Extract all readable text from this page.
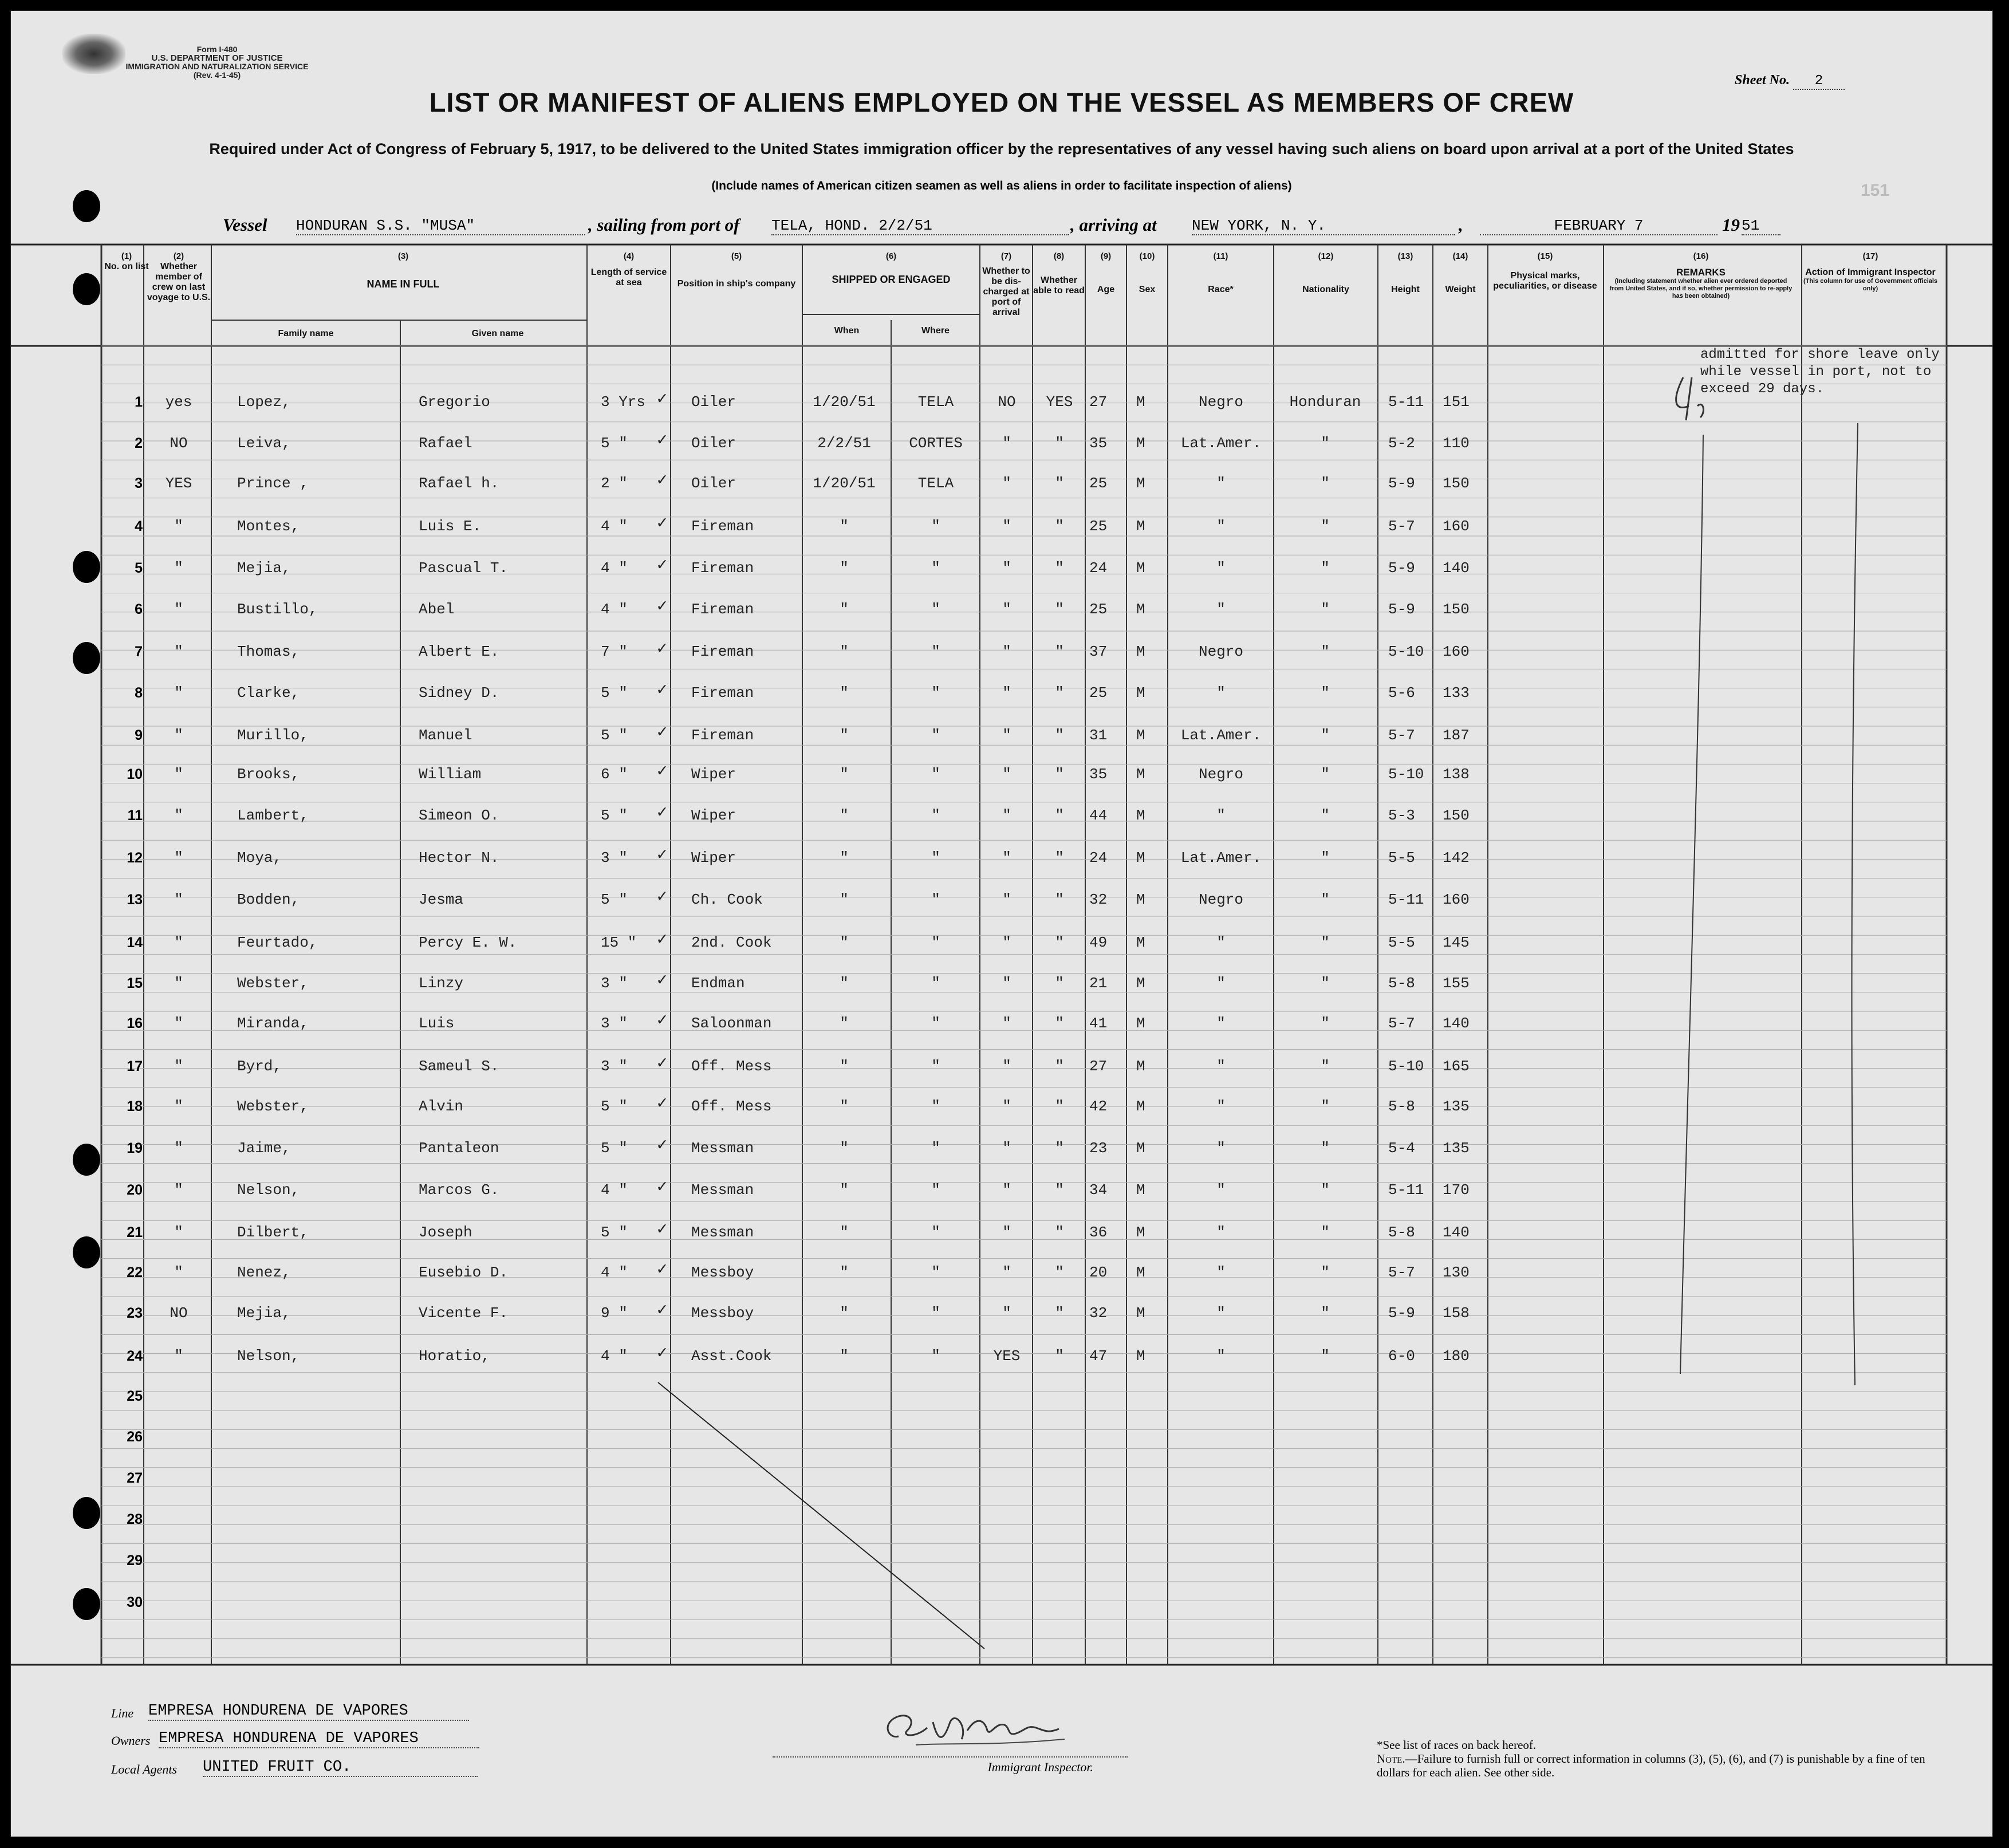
Form I-480
U.S. DEPARTMENT OF JUSTICE
IMMIGRATION AND NATURALIZATION SERVICE
(Rev. 4-1-45)	Sheet No. 2
LIST OR MANIFEST OF ALIENS EMPLOYED ON THE VESSEL AS MEMBERS OF CREW
Required under Act of Congress of February 5, 1917, to be delivered to the United States immigration officer by the representatives of any vessel having such aliens on board upon arrival at a port of the United States
(Include names of American citizen seamen as well as aliens in order to facilitate inspection of aliens)	151
Vessel HONDURAN S.S. "MUSA"	, sailing from port of TELA, HOND. 2/2/51	, arriving at NEW YORK, N. Y.	,	FEBRUARY 7	19 51
(1)
No. on list
(2)
Whether member of crew on last voyage to U.S.
(3)
NAME IN FULL
Family name	Given name
(4)
Length of service at sea
(5)
Position in ship's company
(6)
SHIPPED OR ENGAGED
When	Where
(7)
Whether to be dis- charged at port of arrival
(8)
Whether able to read
(9)
Age
(10)
Sex
(11)
Race*
(12)
Nationality
(13)
Height
(14)
Weight
(15)
Physical marks, peculiarities, or disease
(16)
REMARKS
(Including statement whether alien ever ordered deported from United States, and if so, whether permission to re-apply has been obtained)
(17)
Action of Immigrant Inspector
(This column for use of Government officials only)
1	yes	Lopez,	Gregorio	3 Yrs	Oiler	1/20/51	TELA	NO	YES	27 M	Negro	Honduran	5-11 151
✓
2	NO	Leiva,	Rafael	5 "	Oiler	2/2/51	CORTES	"	"	35 M	Lat.Amer.	"	5-2 110
✓
3	YES	Prince ,	Rafael h.	2 "	Oiler	1/20/51	TELA	"	"	25 M	"	"	5-9 150
✓
4	"	Montes,	Luis E.	4 "	Fireman	"	"	"	"	25 M	"	"	5-7 160
✓
5	"	Mejia,	Pascual T.	4 "	Fireman	"	"	"	"	24 M	"	"	5-9 140
✓
6	"	Bustillo,	Abel	4 "	Fireman	"	"	"	"	25 M	"	"	5-9 150
✓
7	"	Thomas,	Albert E.	7 "	Fireman	"	"	"	"	37 M	Negro	"	5-10 160
✓
8	"	Clarke,	Sidney D.	5 "	Fireman	"	"	"	"	25 M	"	"	5-6 133
✓
9	"	Murillo,	Manuel	5 "	Fireman	"	"	"	"	31 M	Lat.Amer.	"	5-7 187
✓
10	"	Brooks,	William	6 "	Wiper	"	"	"	"	35 M	Negro	"	5-10 138
✓
11	"	Lambert,	Simeon O.	5 "	Wiper	"	"	"	"	44 M	"	"	5-3 150
✓
12	"	Moya,	Hector N.	3 "	Wiper	"	"	"	"	24 M	Lat.Amer.	"	5-5 142
✓
13	"	Bodden,	Jesma	5 "	Ch. Cook	"	"	"	"	32 M	Negro	"	5-11 160
✓
14	"	Feurtado,	Percy E. W.	15 "	2nd. Cook	"	"	"	"	49 M	"	"	5-5 145
✓
15	"	Webster,	Linzy	3 "	Endman	"	"	"	"	21 M	"	"	5-8 155
✓
16	"	Miranda,	Luis	3 "	Saloonman	"	"	"	"	41 M	"	"	5-7 140
✓
17	"	Byrd,	Sameul S.	3 "	Off. Mess	"	"	"	"	27 M	"	"	5-10 165
✓
18	"	Webster,	Alvin	5 "	Off. Mess	"	"	"	"	42 M	"	"	5-8 135
✓
19	"	Jaime,	Pantaleon	5 "	Messman	"	"	"	"	23 M	"	"	5-4 135
✓
20	"	Nelson,	Marcos G.	4 "	Messman	"	"	"	"	34 M	"	"	5-11 170
✓
21	"	Dilbert,	Joseph	5 "	Messman	"	"	"	"	36 M	"	"	5-8 140
✓
22	"	Nenez,	Eusebio D.	4 "	Messboy	"	"	"	"	20 M	"	"	5-7 130
✓
23	NO	Mejia,	Vicente F.	9 "	Messboy	"	"	"	"	32 M	"	"	5-9 158
✓
24	"	Nelson,	Horatio,	4 "	Asst.Cook	"	"	YES	"	47 M	"	"	6-0 180
✓
25
26
27
28
29
30
admitted for shore leave only while vessel in port, not to exceed 29 days.
Line EMPRESA HONDURENA DE VAPORES
Owners EMPRESA HONDURENA DE VAPORES
Local Agents UNITED FRUIT CO.	Immigrant Inspector.
*See list of races on back hereof.
Note.—Failure to furnish full or correct information in columns (3), (5), (6), and (7) is punishable by a fine of ten dollars for each alien. See other side.
